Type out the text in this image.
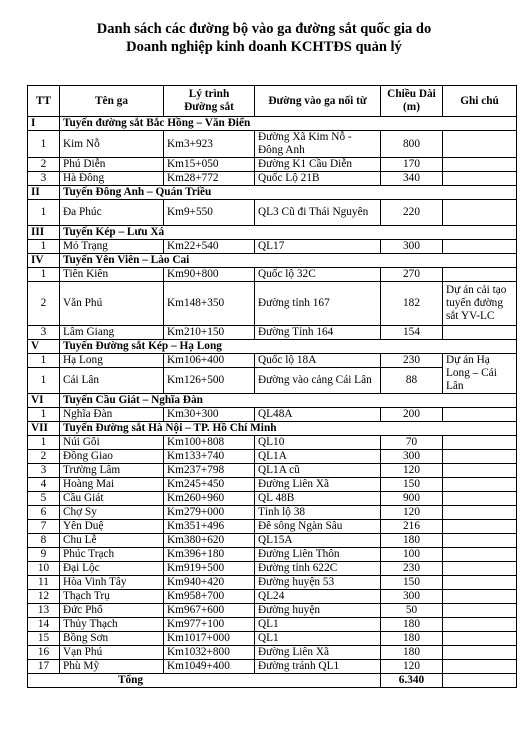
Danh sách các đường bộ vào ga đường sắt quốc gia do
Doanh nghiệp kinh doanh KCHTĐS quản lý
TT	Tên ga	Lý trình Đường sắt	Đường vào ga nối từ	Chiều Dài (m)	Ghi chú
I	Tuyến đường sắt Bắc Hồng – Văn Điển				
1	Kim Nỗ	Km3+923	Đường Xã Kim Nỗ - Đông Anh	800	
2	Phú Diễn	Km15+050	Đường K1 Cầu Diễn	170	
3	Hà Đông	Km28+772	Quốc Lộ 21B	340	
II	Tuyến Đông Anh – Quán Triều				
1	Đa Phúc	Km9+550	QL3 Cũ đi Thái Nguyên	220	
III	Tuyến Kép – Lưu Xá				
1	Mỏ Trạng	Km22+540	QL17	300	
IV	Tuyến Yên Viên – Lào Cai				
1	Tiên Kiên	Km90+800	Quốc lộ 32C	270	
2	Văn Phú	Km148+350	Đường tỉnh 167	182	Dự án cải tạo tuyến đường sắt YV-LC
3	Lâm Giang	Km210+150	Đường Tỉnh 164	154	
V	Tuyến Đường sắt Kép – Hạ Long				
1	Hạ Long	Km106+400	Quốc lộ 18A	230	Dự án Hạ Long – Cái Lân
1	Cái Lân	Km126+500	Đường vào cảng Cái Lân	88	
VI	Tuyến Cầu Giát – Nghĩa Đàn				
1	Nghĩa Đàn	Km30+300	QL48A	200	
VII	Tuyến Đường sắt Hà Nội – TP. Hồ Chí Minh				
1	Núi Gôi	Km100+808	QL10	70	
2	Đồng Giao	Km133+740	QL1A	300	
3	Trường Lâm	Km237+798	QL1A cũ	120	
4	Hoàng Mai	Km245+450	Đường Liên Xã	150	
5	Cầu Giát	Km260+960	QL 48B	900	
6	Chợ Sy	Km279+000	Tỉnh lộ 38	120	
7	Yên Duệ	Km351+496	Đê sông Ngàn Sâu	216	
8	Chu Lễ	Km380+620	QL15A	180	
9	Phúc Trạch	Km396+180	Đường Liên Thôn	100	
10	Đại Lộc	Km919+500	Đường tỉnh 622C	230	
11	Hòa Vinh Tây	Km940+420	Đường huyện 53	150	
12	Thạch Trụ	Km958+700	QL24	300	
13	Đức Phổ	Km967+600	Đường huyện	50	
14	Thủy Thạch	Km977+100	QL1	180	
15	Bồng Sơn	Km1017+000	QL1	180	
16	Vạn Phú	Km1032+800	Đường Liên Xã	180	
17	Phù Mỹ	Km1049+400	Đường tránh QL1	120	
Tổng				6.340	
